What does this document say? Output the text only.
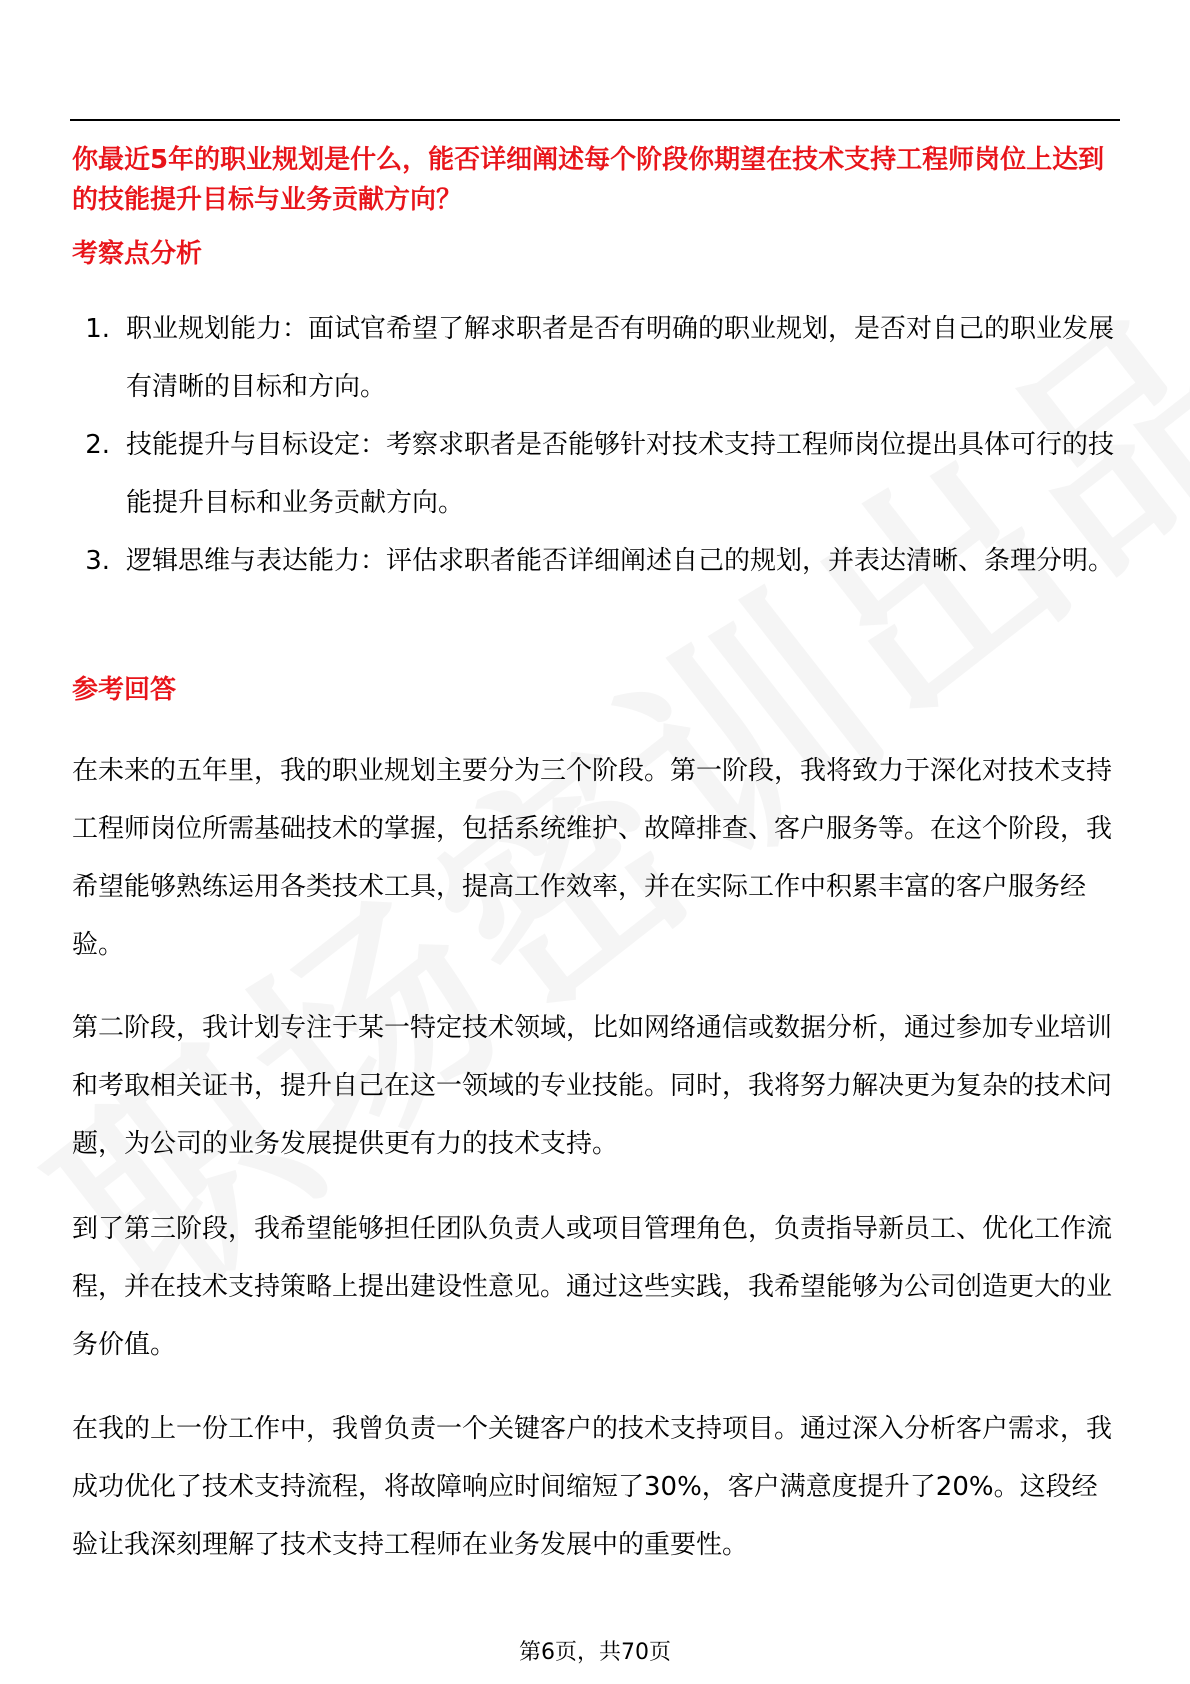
你最近5年的职业规划是什么，能否详细阐述每个阶段你期望在技术支持工程师岗位上达到的技能提升目标与业务贡献方向？
考察点分析
1. 职业规划能力：面试官希望了解求职者是否有明确的职业规划，是否对自己的职业发展有清晰的目标和方向。
2. 技能提升与目标设定：考察求职者是否能够针对技术支持工程师岗位提出具体可行的技能提升目标和业务贡献方向。
3. 逻辑思维与表达能力：评估求职者能否详细阐述自己的规划，并表达清晰、条理分明。
参考回答

在未来的五年里，我的职业规划主要分为三个阶段。第一阶段，我将致力于深化对技术支持工程师岗位所需基础技术的掌握，包括系统维护、故障排查、客户服务等。在这个阶段，我希望能够熟练运用各类技术工具，提高工作效率，并在实际工作中积累丰富的客户服务经验。

第二阶段，我计划专注于某一特定技术领域，比如网络通信或数据分析，通过参加专业培训和考取相关证书，提升自己在这一领域的专业技能。同时，我将努力解决更为复杂的技术问题，为公司的业务发展提供更有力的技术支持。

到了第三阶段，我希望能够担任团队负责人或项目管理角色，负责指导新员工、优化工作流程，并在技术支持策略上提出建设性意见。通过这些实践，我希望能够为公司创造更大的业务价值。

在我的上一份工作中，我曾负责一个关键客户的技术支持项目。通过深入分析客户需求，我成功优化了技术支持流程，将故障响应时间缩短了30%，客户满意度提升了20%。这段经验让我深刻理解了技术支持工程师在业务发展中的重要性。

第6页，共70页
